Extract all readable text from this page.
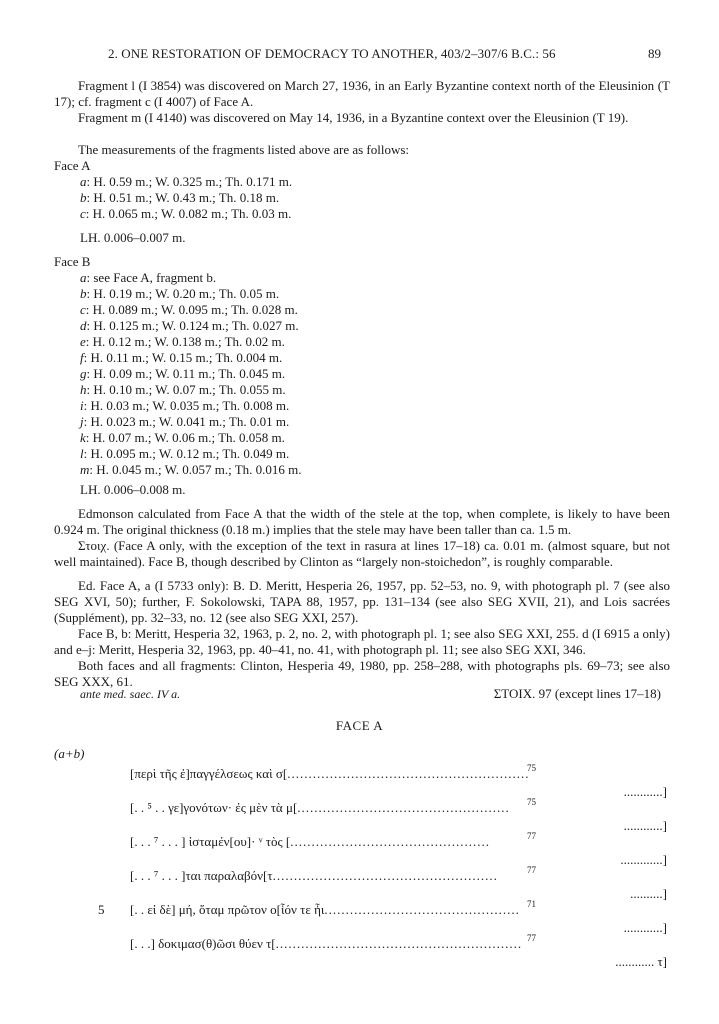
2. ONE RESTORATION OF DEMOCRACY TO ANOTHER, 403/2–307/6 B.C.: 56	89
Fragment l (I 3854) was discovered on March 27, 1936, in an Early Byzantine context north of the Eleusinion (T 17); cf. fragment c (I 4007) of Face A.
Fragment m (I 4140) was discovered on May 14, 1936, in a Byzantine context over the Eleusinion (T 19).
The measurements of the fragments listed above are as follows:
Face A
a: H. 0.59 m.; W. 0.325 m.; Th. 0.171 m.
b: H. 0.51 m.; W. 0.43 m.; Th. 0.18 m.
c: H. 0.065 m.; W. 0.082 m.; Th. 0.03 m.
LH. 0.006–0.007 m.
Face B
a: see Face A, fragment b.
b: H. 0.19 m.; W. 0.20 m.; Th. 0.05 m.
c: H. 0.089 m.; W. 0.095 m.; Th. 0.028 m.
d: H. 0.125 m.; W. 0.124 m.; Th. 0.027 m.
e: H. 0.12 m.; W. 0.138 m.; Th. 0.02 m.
f: H. 0.11 m.; W. 0.15 m.; Th. 0.004 m.
g: H. 0.09 m.; W. 0.11 m.; Th. 0.045 m.
h: H. 0.10 m.; W. 0.07 m.; Th. 0.055 m.
i: H. 0.03 m.; W. 0.035 m.; Th. 0.008 m.
j: H. 0.023 m.; W. 0.041 m.; Th. 0.01 m.
k: H. 0.07 m.; W. 0.06 m.; Th. 0.058 m.
l: H. 0.095 m.; W. 0.12 m.; Th. 0.049 m.
m: H. 0.045 m.; W. 0.057 m.; Th. 0.016 m.
LH. 0.006–0.008 m.
Edmonson calculated from Face A that the width of the stele at the top, when complete, is likely to have been 0.924 m. The original thickness (0.18 m.) implies that the stele may have been taller than ca. 1.5 m.
Στοιχ. (Face A only, with the exception of the text in rasura at lines 17–18) ca. 0.01 m. (almost square, but not well maintained). Face B, though described by Clinton as “largely non-stoichedon”, is roughly comparable.
Ed. Face A, a (I 5733 only): B. D. Meritt, Hesperia 26, 1957, pp. 52–53, no. 9, with photograph pl. 7 (see also SEG XVI, 50); further, F. Sokolowski, TAPA 88, 1957, pp. 131–134 (see also SEG XVII, 21), and Lois sacrées (Supplément), pp. 32–33, no. 12 (see also SEG XXI, 257).
Face B, b: Meritt, Hesperia 32, 1963, p. 2, no. 2, with photograph pl. 1; see also SEG XXI, 255. d (I 6915 a only) and e–j: Meritt, Hesperia 32, 1963, pp. 40–41, no. 41, with photograph pl. 11; see also SEG XXI, 346.
Both faces and all fragments: Clinton, Hesperia 49, 1980, pp. 258–288, with photographs pls. 69–73; see also SEG XXX, 61.
ante med. saec. IV a.	ΣΤΟΙΧ. 97 (except lines 17–18)
FACE A
(a+b)
[περὶ τῆς ἐ]παγγέλσεως καὶ σ[.........................................................
75
............]
[. . ⁵ . . γε]γονότων· ἐς μὲν τὰ μ[.................................................. 75
............]
[. . . ⁷ . . . ] ἱσταμέν[ου]· ᵛ τὸς [...............................................	77
.............]
[. . . ⁷ . . . ]ται παραλαβόν[τ.....................................................	77
..........]
5 [. . εἰ δὲ] μή, ὅταμ πρῶτον ο[ἷόν τε ἦι.............................................. 71
............]
[. . .] δοκιμασ(θ)ῶσι θύεν τ[.......................................................... 77
............ τ]
